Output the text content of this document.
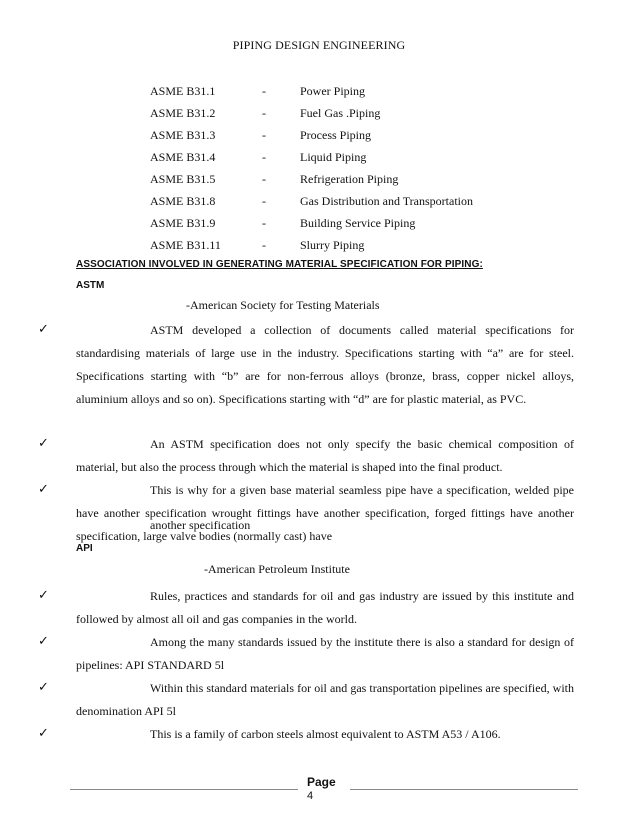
PIPING DESIGN ENGINEERING
ASME B31.1	-	Power Piping
ASME B31.2	-	Fuel Gas .Piping
ASME B31.3	-	Process Piping
ASME B31.4	-	Liquid Piping
ASME B31.5	-	Refrigeration Piping
ASME B31.8	-	Gas Distribution and Transportation
ASME B31.9	-	Building Service Piping
ASME B31.11	-	Slurry Piping
ASSOCIATION INVOLVED IN GENERATING MATERIAL SPECIFICATION FOR PIPING:
ASTM
-American Society for Testing Materials
✓	ASTM developed a collection of documents called material specifications for standardising materials of large use in the industry. Specifications starting with “a” are for steel. Specifications starting with “b” are for non-ferrous alloys (bronze, brass, copper nickel alloys, aluminium alloys and so on). Specifications starting with “d” are for plastic material, as PVC.
✓	An ASTM specification does not only specify the basic chemical composition of material, but also the process through which the material is shaped into the final product.
✓	This is why for a given base material seamless pipe have a specification, welded pipe have another specification wrought fittings have another specification, forged fittings have another specification, large valve bodies (normally cast) have
another specification
API
-American Petroleum Institute
✓	Rules, practices and standards for oil and gas industry are issued by this institute and followed by almost all oil and gas companies in the world.
✓	Among the many standards issued by the institute there is also a standard for design of pipelines: API STANDARD 5l
✓	Within this standard materials for oil and gas transportation pipelines are specified, with denomination API 5l
✓	This is a family of carbon steels almost equivalent to ASTM A53 / A106.
Page
4
